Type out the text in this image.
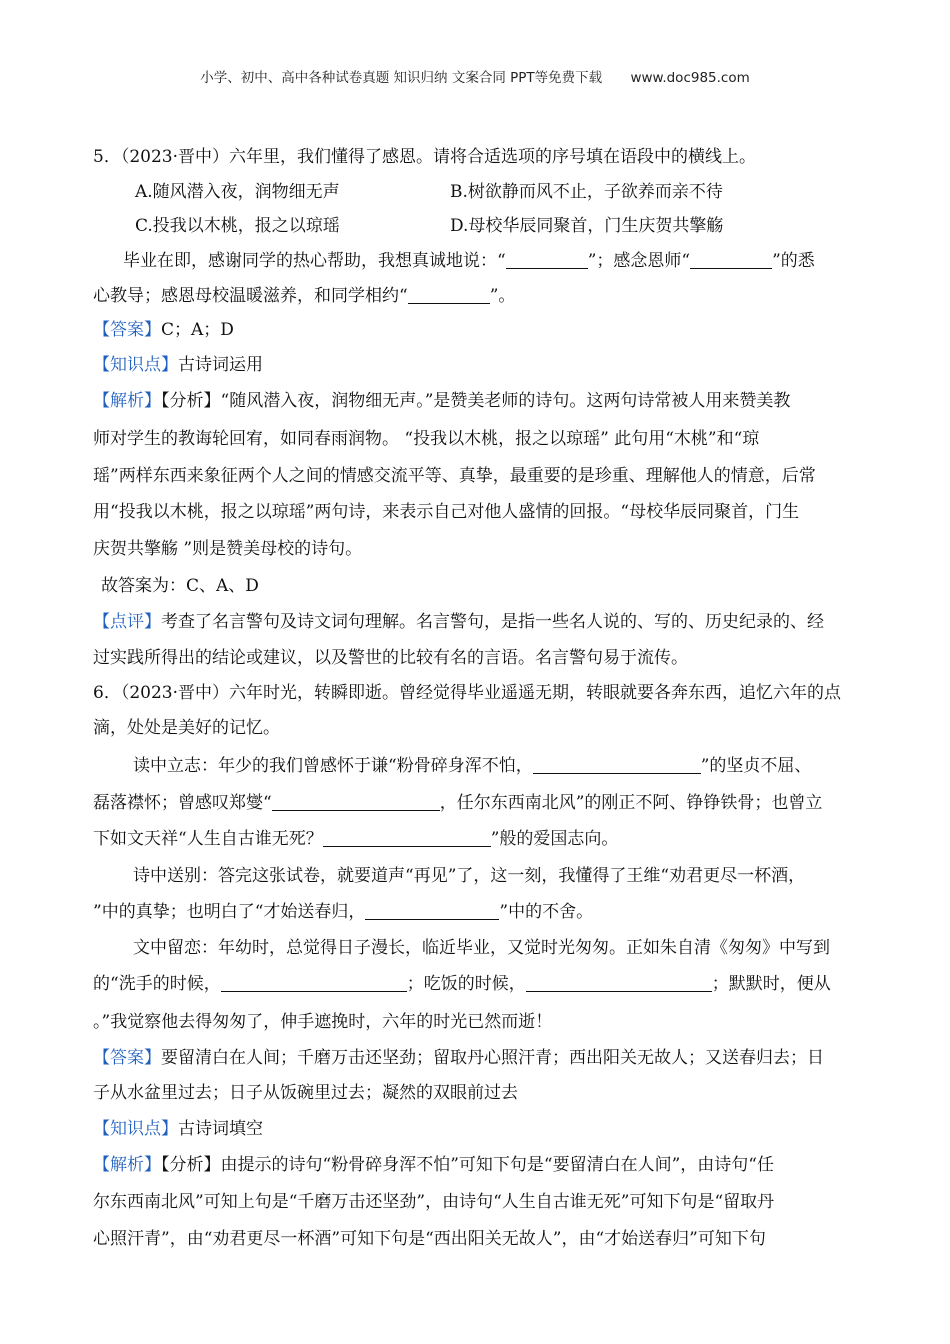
小学、初中、高中各种试卷真题 知识归纳 文案合同 PPT等免费下载 www.doc985.com
5．（2023·晋中）六年里，我们懂得了感恩。请将合适选项的序号填在语段中的横线上。
A.随风潜入夜，润物细无声	B.树欲静而风不止，子欲养而亲不待
C.投我以木桃，报之以琼瑶	D.母校华辰同聚首，门生庆贺共擎觞
毕业在即，感谢同学的热心帮助，我想真诚地说：“	”；感念恩师“	”的悉
心教导；感恩母校温暖滋养，和同学相约“	”。
【答案】C；A；D
【知识点】古诗词运用
【解析】【分析】“随风潜入夜，润物细无声。”是赞美老师的诗句。这两句诗常被人用来赞美教
师对学生的教诲轮回宥，如同春雨润物。 “投我以木桃，报之以琼瑶” 此句用“木桃”和“琼
瑶”两样东西来象征两个人之间的情感交流平等、真挚，最重要的是珍重、理解他人的情意，后常
用“投我以木桃，报之以琼瑶”两句诗，来表示自己对他人盛情的回报。“母校华辰同聚首，门生
庆贺共擎觞 ”则是赞美母校的诗句。
故答案为：C、A、D
【点评】考查了名言警句及诗文词句理解。名言警句，是指一些名人说的、写的、历史纪录的、经
过实践所得出的结论或建议，以及警世的比较有名的言语。名言警句易于流传。
6．（2023·晋中）六年时光，转瞬即逝。曾经觉得毕业遥遥无期，转眼就要各奔东西，追忆六年的点
滴，处处是美好的记忆。
读中立志：年少的我们曾感怀于谦“粉骨碎身浑不怕，	”的坚贞不屈、
磊落襟怀；曾感叹郑燮“	，任尔东西南北风”的刚正不阿、铮铮铁骨；也曾立
下如文天祥“人生自古谁无死？	”般的爱国志向。
诗中送别：答完这张试卷，就要道声“再见”了，这一刻，我懂得了王维“劝君更尽一杯酒，
”中的真挚；也明白了“才始送春归，	”中的不舍。
文中留恋：年幼时，总觉得日子漫长，临近毕业，又觉时光匆匆。正如朱自清《匆匆》中写到
的“洗手的时候，	；吃饭的时候，	；默默时，便从
。”我觉察他去得匆匆了，伸手遮挽时，六年的时光已然而逝！
【答案】要留清白在人间；千磨万击还坚劲；留取丹心照汗青；西出阳关无故人；又送春归去；日
子从水盆里过去；日子从饭碗里过去；凝然的双眼前过去
【知识点】古诗词填空
【解析】【分析】由提示的诗句“粉骨碎身浑不怕”可知下句是“要留清白在人间”，由诗句“任
尔东西南北风”可知上句是“千磨万击还坚劲”，由诗句“人生自古谁无死”可知下句是“留取丹
心照汗青”，由“劝君更尽一杯酒”可知下句是“西出阳关无故人”，由“才始送春归”可知下句
